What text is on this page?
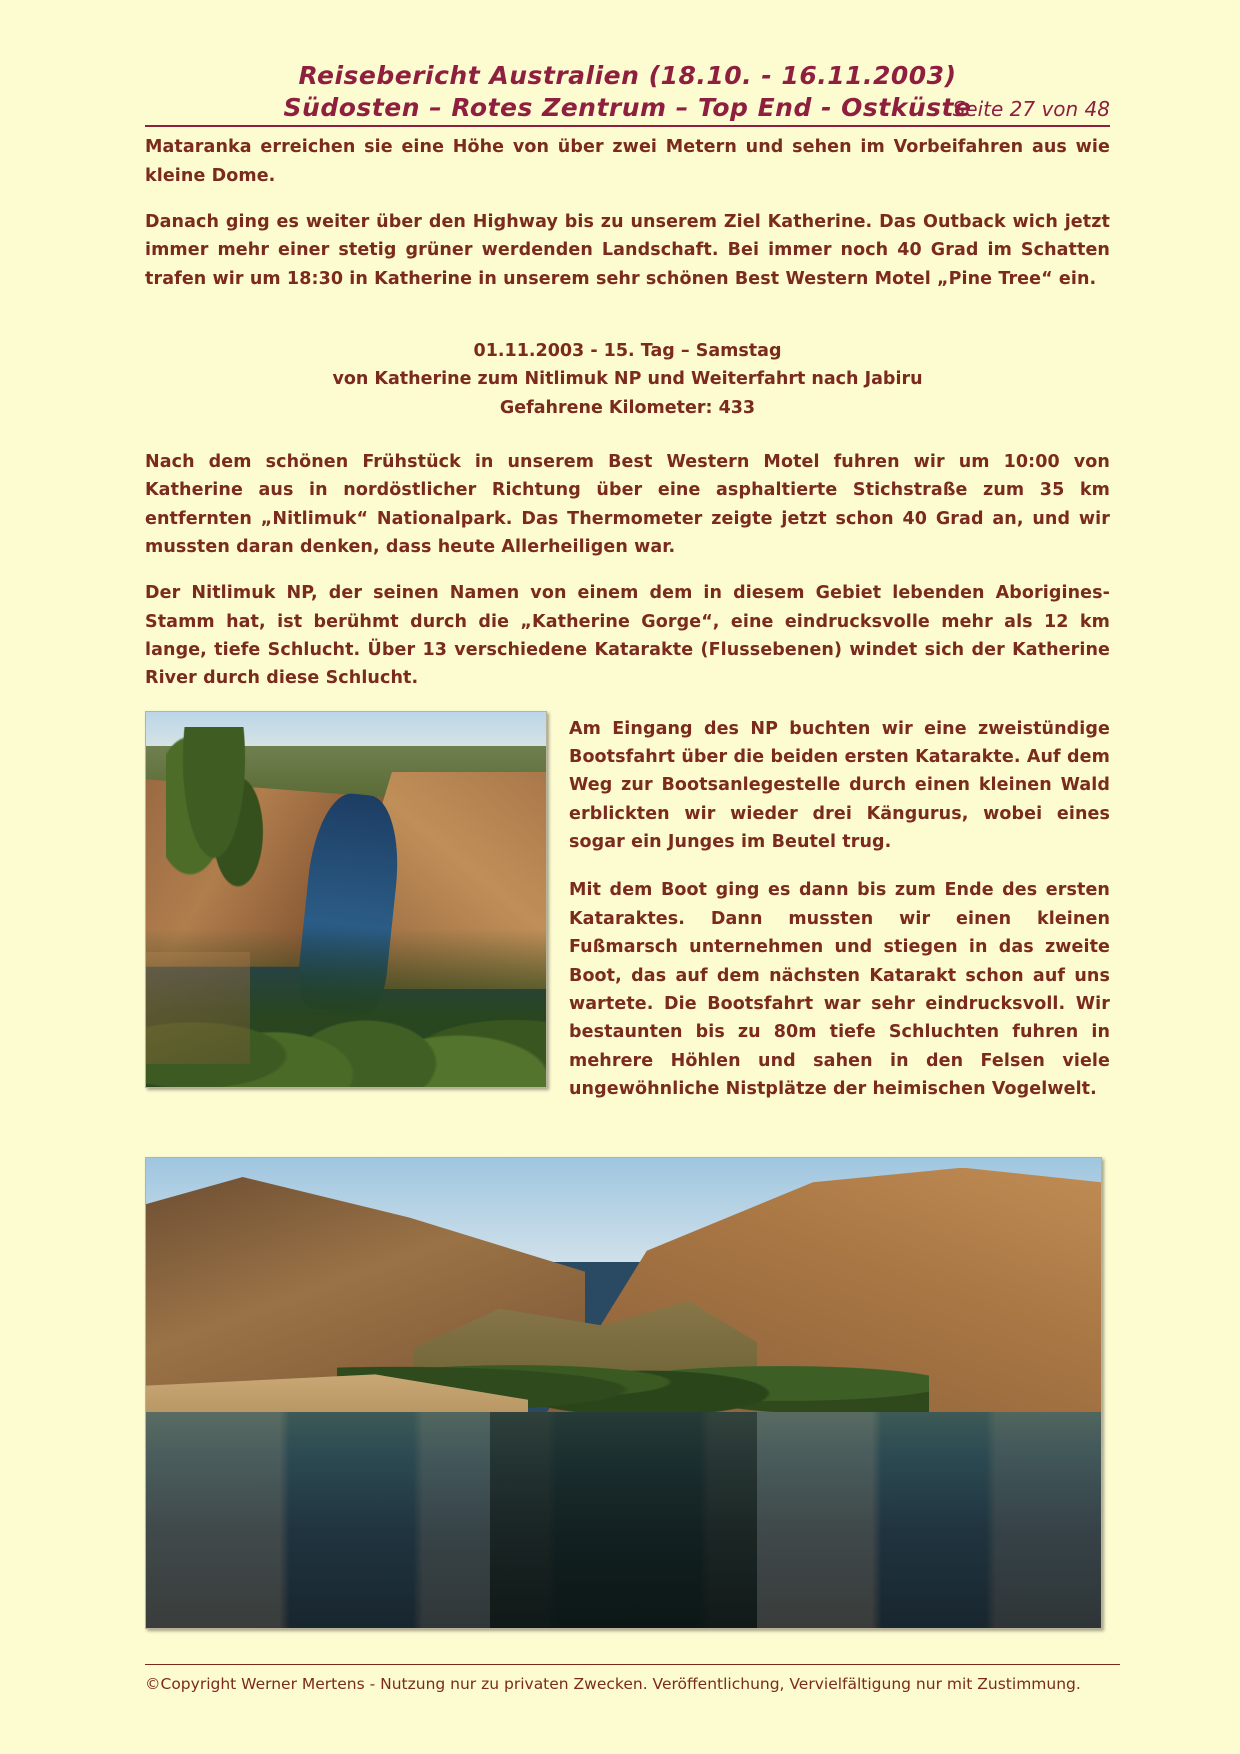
Reisebericht Australien (18.10. - 16.11.2003)
Südosten – Rotes Zentrum – Top End - Ostküste
Seite 27 von 48

Mataranka erreichen sie eine Höhe von über zwei Metern und sehen im Vorbeifahren aus wie kleine Dome.

Danach ging es weiter über den Highway bis zu unserem Ziel Katherine. Das Outback wich jetzt immer mehr einer stetig grüner werdenden Landschaft. Bei immer noch 40 Grad im Schatten trafen wir um 18:30 in Katherine in unserem sehr schönen Best Western Motel „Pine Tree“ ein.

01.11.2003 - 15. Tag – Samstag
von Katherine zum Nitlimuk NP und Weiterfahrt nach Jabiru
Gefahrene Kilometer: 433

Nach dem schönen Frühstück in unserem Best Western Motel fuhren wir um 10:00 von Katherine aus in nordöstlicher Richtung über eine asphaltierte Stichstraße zum 35 km entfernten „Nitlimuk“ Nationalpark. Das Thermometer zeigte jetzt schon 40 Grad an, und wir mussten daran denken, dass heute Allerheiligen war.

Der Nitlimuk NP, der seinen Namen von einem dem in diesem Gebiet lebenden Aborigines-Stamm hat, ist berühmt durch die „Katherine Gorge“, eine eindrucksvolle mehr als 12 km lange, tiefe Schlucht. Über 13 verschiedene Katarakte (Flussebenen) windet sich der Katherine River durch diese Schlucht.

Am Eingang des NP buchten wir eine zweistündige Bootsfahrt über die beiden ersten Katarakte. Auf dem Weg zur Bootsanlegestelle durch einen kleinen Wald erblickten wir wieder drei Kängurus, wobei eines sogar ein Junges im Beutel trug.

Mit dem Boot ging es dann bis zum Ende des ersten Kataraktes. Dann mussten wir einen kleinen Fußmarsch unternehmen und stiegen in das zweite Boot, das auf dem nächsten Katarakt schon auf uns wartete. Die Bootsfahrt war sehr eindrucksvoll. Wir bestaunten bis zu 80m tiefe Schluchten fuhren in mehrere Höhlen und sahen in den Felsen viele ungewöhnliche Nistplätze der heimischen Vogelwelt.

©Copyright Werner Mertens - Nutzung nur zu privaten Zwecken. Veröffentlichung, Vervielfältigung nur mit Zustimmung.
